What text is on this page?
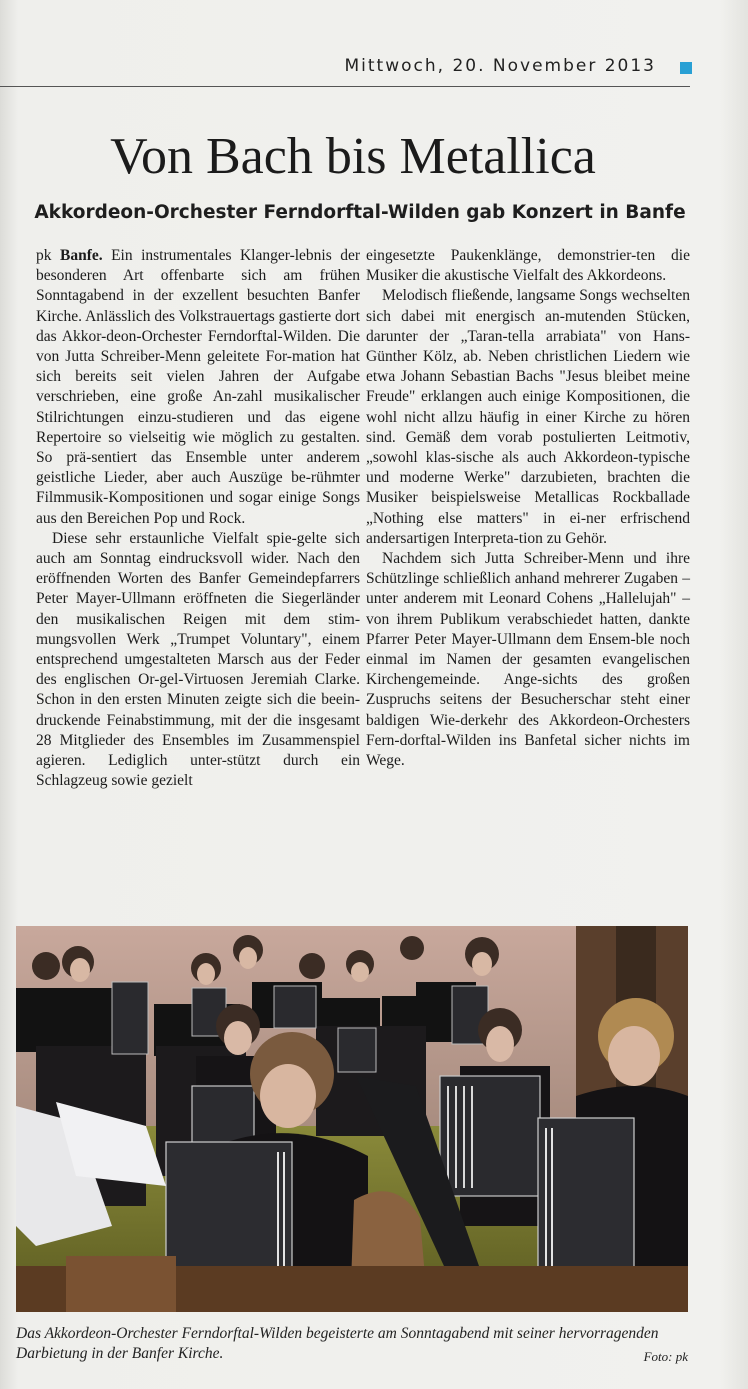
Mittwoch, 20. November 2013
Von Bach bis Metallica
Akkordeon-Orchester Ferndorftal-Wilden gab Konzert in Banfe

pk Banfe. Ein instrumentales Klanger-lebnis der besonderen Art offenbarte sich am frühen Sonntagabend in der exzellent besuchten Banfer Kirche. Anlässlich des Volkstrauertags gastierte dort das Akkor-deon-Orchester Ferndorftal-Wilden. Die von Jutta Schreiber-Menn geleitete For-mation hat sich bereits seit vielen Jahren der Aufgabe verschrieben, eine große An-zahl musikalischer Stilrichtungen einzu-studieren und das eigene Repertoire so vielseitig wie möglich zu gestalten. So prä-sentiert das Ensemble unter anderem geistliche Lieder, aber auch Auszüge be-rühmter Filmmusik-Kompositionen und sogar einige Songs aus den Bereichen Pop und Rock.

Diese sehr erstaunliche Vielfalt spie-gelte sich auch am Sonntag eindrucksvoll wider. Nach den eröffnenden Worten des Banfer Gemeindepfarrers Peter Mayer-Ullmann eröffneten die Siegerländer den musikalischen Reigen mit dem stim-mungsvollen Werk „Trumpet Voluntary", einem entsprechend umgestalteten Marsch aus der Feder des englischen Or-gel-Virtuosen Jeremiah Clarke. Schon in den ersten Minuten zeigte sich die beein-druckende Feinabstimmung, mit der die insgesamt 28 Mitglieder des Ensembles im Zusammenspiel agieren. Lediglich unter-stützt durch ein Schlagzeug sowie gezielt

eingesetzte Paukenklänge, demonstrier-ten die Musiker die akustische Vielfalt des Akkordeons.

Melodisch fließende, langsame Songs wechselten sich dabei mit energisch an-mutenden Stücken, darunter der „Taran-tella arrabiata" von Hans-Günther Kölz, ab. Neben christlichen Liedern wie etwa Johann Sebastian Bachs "Jesus bleibet meine Freude" erklangen auch einige Kompositionen, die wohl nicht allzu häufig in einer Kirche zu hören sind. Gemäß dem vorab postulierten Leitmotiv, „sowohl klas-sische als auch Akkordeon-typische und moderne Werke" darzubieten, brachten die Musiker beispielsweise Metallicas Rockballade „Nothing else matters" in ei-ner erfrischend andersartigen Interpreta-tion zu Gehör.

Nachdem sich Jutta Schreiber-Menn und ihre Schützlinge schließlich anhand mehrerer Zugaben – unter anderem mit Leonard Cohens „Hallelujah" – von ihrem Publikum verabschiedet hatten, dankte Pfarrer Peter Mayer-Ullmann dem Ensem-ble noch einmal im Namen der gesamten evangelischen Kirchengemeinde. Ange-sichts des großen Zuspruchs seitens der Besucherschar steht einer baldigen Wie-derkehr des Akkordeon-Orchesters Fern-dorftal-Wilden ins Banfetal sicher nichts im Wege.

Das Akkordeon-Orchester Ferndorftal-Wilden begeisterte am Sonntagabend mit seiner hervorragenden Darbietung in der Banfer Kirche.	Foto: pk
